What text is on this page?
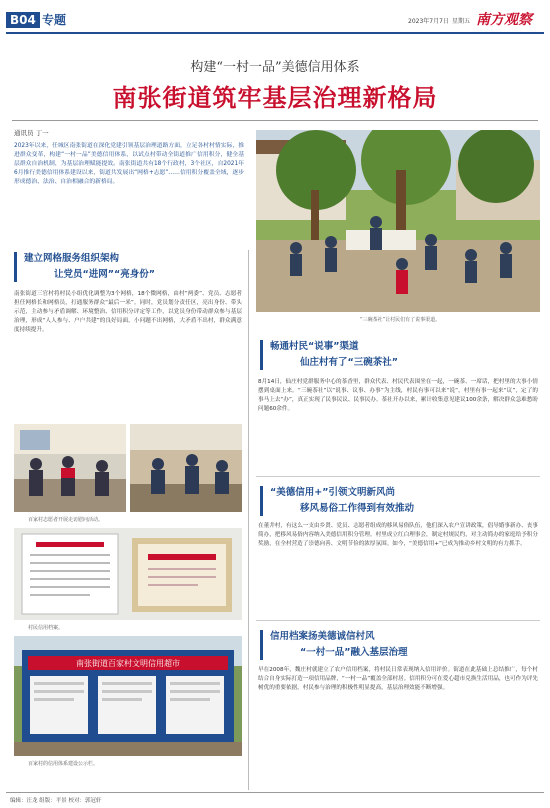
B04 专题	2023年7月7日 星期五 南方观察
构建“一村一品”美德信用体系
南张街道筑牢基层治理新格局
通讯员 丁一
2023年以来，任城区南张街道在深化党建引领基层治理道路方面，立足各村村情实际，推进群众变革，构建“一村一品”美德信用体系，以试点村带动全街道推广信用积分，健全基层群众自治机制，为基层治理赋能提效。南张街道共有18个行政村，3个社区，自2021年6月推行美德信用体系建设以来，街道共发展出“网格+志愿”……信用积分覆盖全域，逐步形成德治、法治、自治相融合的新格局。
“三碗茶社”让村民们有了说事渠道。
建立网格服务组织架构
让党员“进网”“亮身份”
南张街道三官村将村民小组优化调整为3个网格，18个微网格，由村“两委”、党员、志愿者担任网格长和网格员，打通服务群众“最后一米”。同时，党员划分责任区，亮出身份、带头示范，主动参与矛盾调解、环境整治、信用积分评定等工作，以党员身份带动群众参与基层治理，形成“人人参与、户户共建”的良好局面。小问题不出网格，大矛盾不出村，群众满意度持续提升。
百家村志愿者开展走访慰问活动。
村民信用档案。
南张街道百家村文明信用超市
百家村的信用体系建设公示栏。
畅通村民“说事”渠道
仙庄村有了“三碗茶社”
8月14日，仙庄村党群服务中心的茶香里，群众代表、村民代表围坐在一起，一碗茶、一席话，把村里的大事小情摆到桌面上来。“三碗茶社”以“说事、议事、办事”为主线，村民有事可以来“说”，村里有事一起来“议”，定了的事马上去“办”，真正实现了民事民议、民事民办。茶社开办以来，累计收集意见建议100余条，解决群众急难愁盼问题60余件。
“美德信用+”引领文明新风尚
移风易俗工作得到有效推动
在董井村，有这么一支由乡贤、党员、志愿者组成的移风易俗队伍，他们深入农户宣讲政策，倡导婚事新办、丧事简办，把移风易俗内容纳入美德信用积分管理。村里成立红白理事会，制定村规民约，对主动简办的家庭给予积分奖励，在全村营造了崇德向善、文明节俭的浓厚氛围。如今，“美德信用+”已成为推动乡村文明的有力抓手。
信用档案扬美德诚信村风
“一村一品”融入基层治理
早在2008年，魏庄村就建立了农户信用档案，将村民日常表现纳入信用评价。街道在此基础上总结推广，每个村结合自身实际打造一项信用品牌，“一村一品”覆盖全部村居。信用积分可在爱心超市兑换生活用品，也可作为评先树优的重要依据，村民参与治理的积极性明显提高，基层治理效能不断增强。
编辑：汪龙 组版：平景 校对：郭冠轩
